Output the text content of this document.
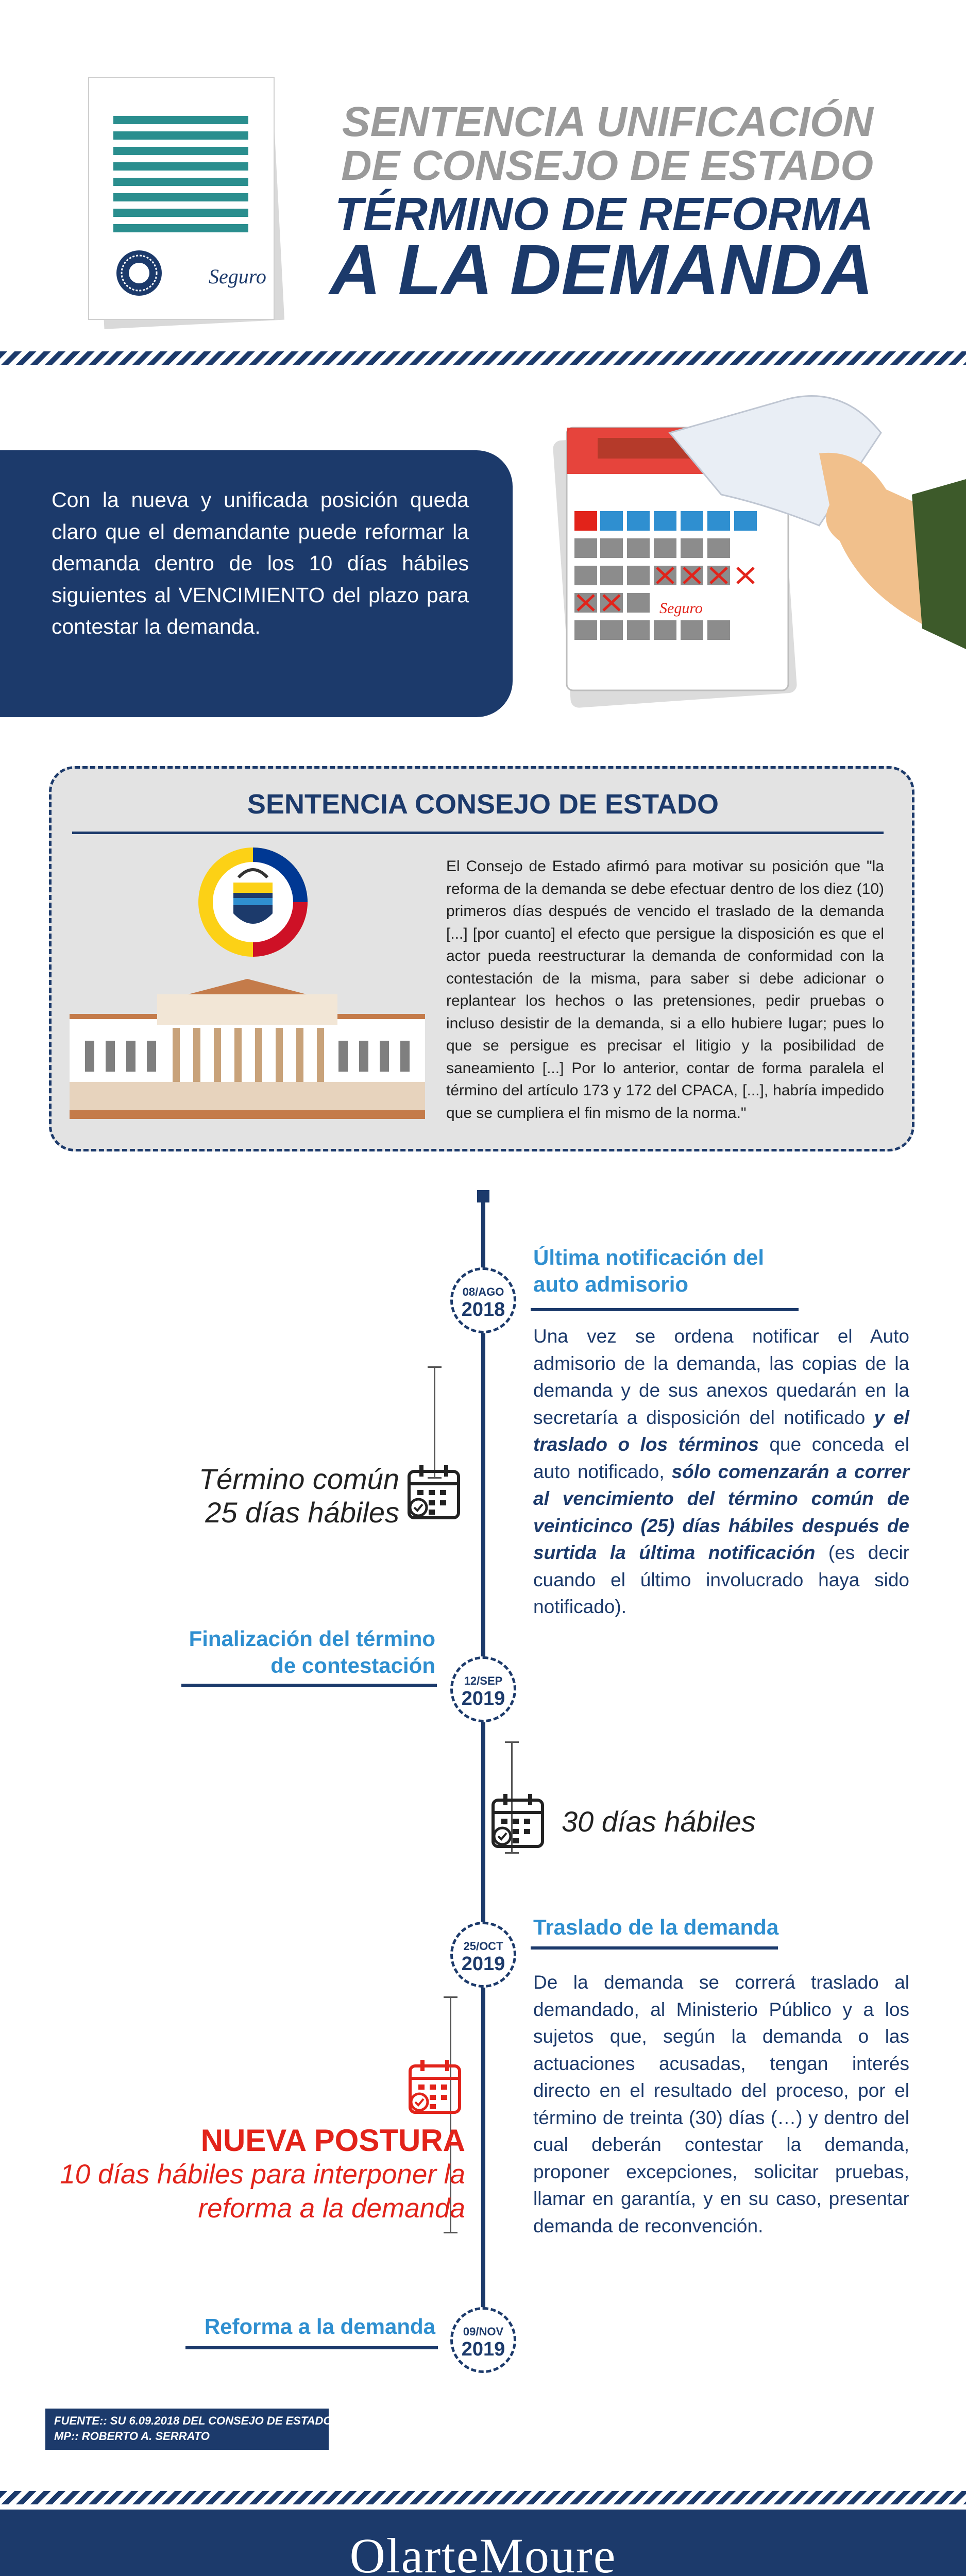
Seguro
SENTENCIA UNIFICACIÓN
DE CONSEJO DE ESTADO
TÉRMINO DE REFORMA
A LA DEMANDA
Con la nueva y unificada posición queda claro que el demandante puede reformar la demanda dentro de los 10 días hábiles siguientes al VENCIMIENTO del plazo para contestar la demanda.
Seguro
SENTENCIA CONSEJO DE ESTADO
El Consejo de Estado afirmó para motivar su posición que "la reforma de la demanda se debe efectuar dentro de los diez (10) primeros días después de vencido el traslado de la demanda [...] [por cuanto] el efecto que persigue la disposición es que el actor pueda reestructurar la demanda de conformidad con la contestación de la misma, para saber si debe adicionar o replantear los hechos o las pretensiones, pedir pruebas o incluso desistir de la demanda, si a ello hubiere lugar; pues lo que se persigue es precisar el litigio y la posibilidad de saneamiento [...] Por lo anterior, contar de forma paralela el término del artículo 173 y 172 del CPACA, [...], habría impedido que se cumpliera el fin mismo de la norma."
08/AGO
2018
Última notificación del
auto admisorio
Una vez se ordena notificar el Auto admisorio de la demanda, las copias de la demanda y de sus anexos quedarán en la secretaría a disposición del notificado y el traslado o los términos que conceda el auto notificado, sólo comenzarán a correr al vencimiento del término común de veinticinco (25) días hábiles después de surtida la última notificación (es decir cuando el último involucrado haya sido notificado).
Término común
25 días hábiles
Finalización del término
de contestación
12/SEP
2019
30 días hábiles
25/OCT
2019
Traslado de la demanda
De la demanda se correrá traslado al demandado, al Ministerio Público y a los sujetos que, según la demanda o las actuaciones acusadas, tengan interés directo en el resultado del proceso, por el término de treinta (30) días (…) y dentro del cual deberán contestar la demanda, proponer excepciones, solicitar pruebas, llamar en garantía, y en su caso, presentar demanda de reconvención.
NUEVA POSTURA
10 días hábiles para interponer la
reforma a la demanda
Reforma a la demanda	09/NOV
2019
FUENTE:: SU 6.09.2018 DEL CONSEJO DE ESTADO.
MP:: ROBERTO A. SERRATO
OlarteMoure
